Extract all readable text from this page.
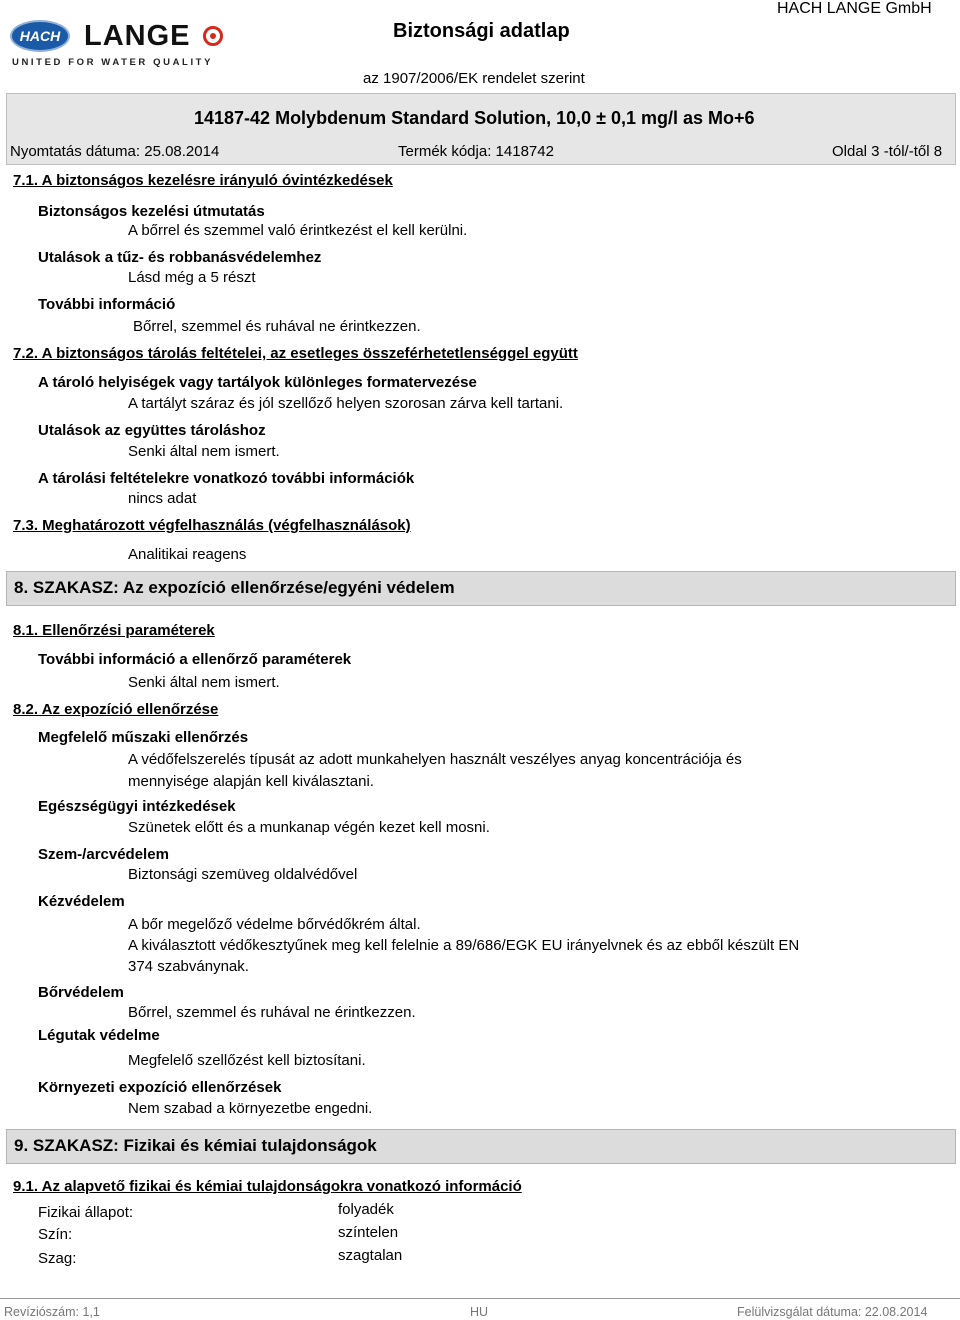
HACH LANGE
UNITED FOR WATER QUALITY
Biztonsági adatlap
az 1907/2006/EK rendelet szerint
HACH LANGE GmbH
14187-42 Molybdenum Standard Solution, 10,0 ± 0,1 mg/l as Mo+6
Nyomtatás dátuma: 25.08.2014	Termék kódja: 1418742	Oldal 3 -tól/-től 8
7.1. A biztonságos kezelésre irányuló óvintézkedések
Biztonságos kezelési útmutatás
A bőrrel és szemmel való érintkezést el kell kerülni.
Utalások a tűz- és robbanásvédelemhez
Lásd még a 5 részt
További információ
Bőrrel, szemmel és ruhával ne érintkezzen.
7.2. A biztonságos tárolás feltételei, az esetleges összeférhetetlenséggel együtt
A tároló helyiségek vagy tartályok különleges formatervezése
A tartályt száraz és jól szellőző helyen szorosan zárva kell tartani.
Utalások az együttes tároláshoz
Senki által nem ismert.
A tárolási feltételekre vonatkozó további információk
nincs adat
7.3. Meghatározott végfelhasználás (végfelhasználások)
Analitikai reagens
8. SZAKASZ: Az expozíció ellenőrzése/egyéni védelem
8.1. Ellenőrzési paraméterek
További információ a ellenőrző paraméterek
Senki által nem ismert.
8.2. Az expozíció ellenőrzése
Megfelelő műszaki ellenőrzés
A védőfelszerelés típusát az adott munkahelyen használt veszélyes anyag koncentrációja és
mennyisége alapján kell kiválasztani.
Egészségügyi intézkedések
Szünetek előtt és a munkanap végén kezet kell mosni.
Szem-/arcvédelem
Biztonsági szemüveg oldalvédővel
Kézvédelem
A bőr megelőző védelme bőrvédőkrém által.
A kiválasztott védőkesztyűnek meg kell felelnie a 89/686/EGK EU irányelvnek és az ebből készült EN
374 szabványnak.
Bőrvédelem
Bőrrel, szemmel és ruhával ne érintkezzen.
Légutak védelme
Megfelelő szellőzést kell biztosítani.
Környezeti expozíció ellenőrzések
Nem szabad a környezetbe engedni.
9. SZAKASZ: Fizikai és kémiai tulajdonságok
9.1. Az alapvető fizikai és kémiai tulajdonságokra vonatkozó információ
Fizikai állapot:	folyadék
Szín:	színtelen
Szag:	szagtalan
Revíziószám: 1,1	HU	Felülvizsgálat dátuma: 22.08.2014
